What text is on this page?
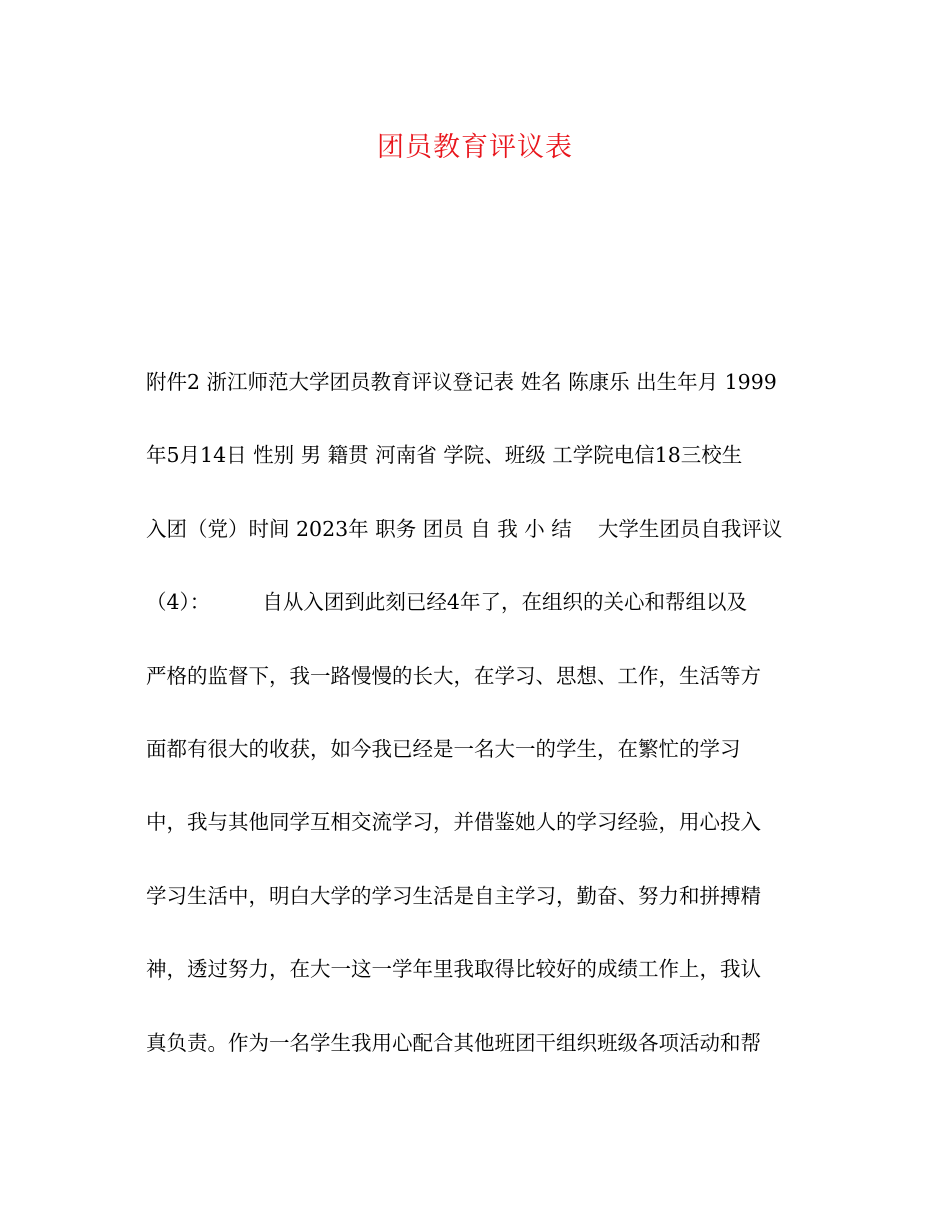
团员教育评议表
附件2 浙江师范大学团员教育评议登记表 姓名 陈康乐 出生年月 1999
年5月14日 性别 男 籍贯 河南省 学院、班级 工学院电信18三校生
入团（党）时间 2023年 职务 团员 自 我 小 结    大学生团员自我评议
（4）：        自从入团到此刻已经4年了，在组织的关心和帮组以及
严格的监督下，我一路慢慢的长大，在学习、思想、工作，生活等方
面都有很大的收获，如今我已经是一名大一的学生，在繁忙的学习
中，我与其他同学互相交流学习，并借鉴她人的学习经验，用心投入
学习生活中，明白大学的学习生活是自主学习，勤奋、努力和拼搏精
神，透过努力，在大一这一学年里我取得比较好的成绩工作上，我认
真负责。作为一名学生我用心配合其他班团干组织班级各项活动和帮
